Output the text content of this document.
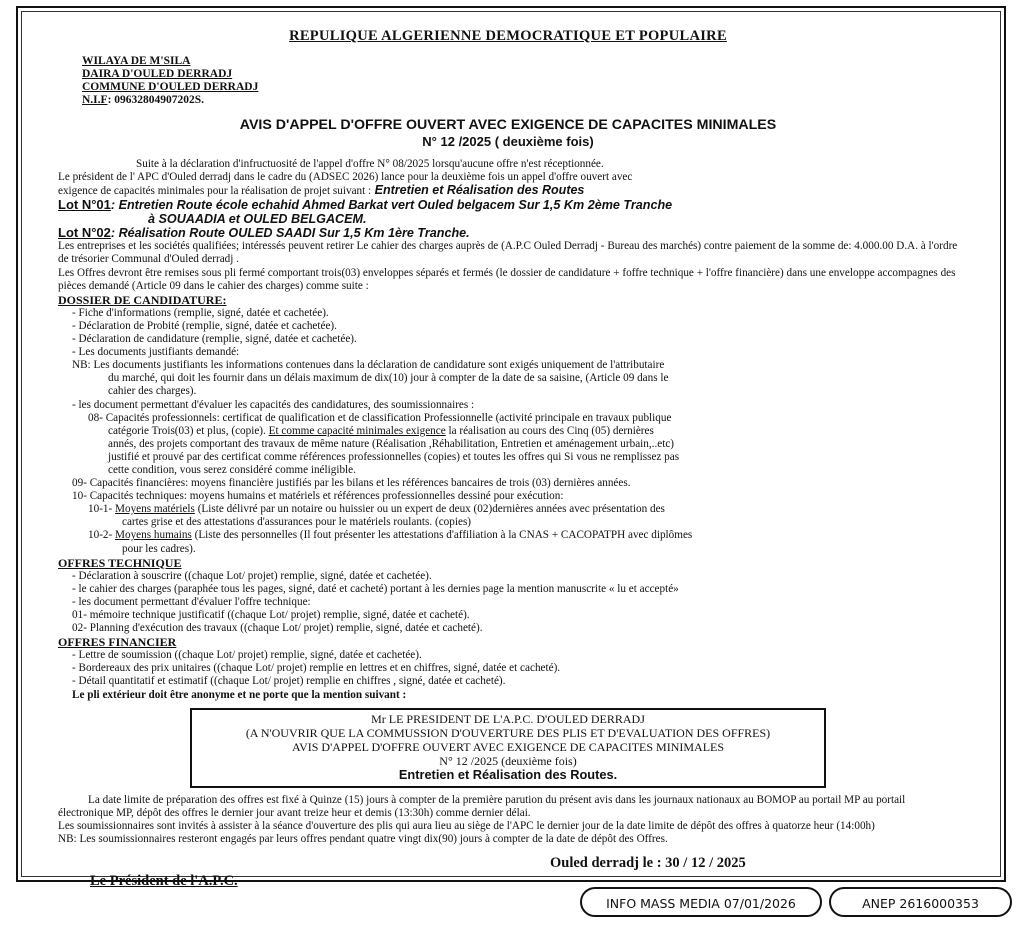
REPULIQUE ALGERIENNE DEMOCRATIQUE ET POPULAIRE

WILAYA DE M'SILA

DAIRA D'OULED DERRADJ

COMMUNE D'OULED DERRADJ

N.I.F: 09632804907202S.

AVIS D'APPEL D'OFFRE OUVERT AVEC EXIGENCE DE CAPACITES MINIMALES

N° 12 /2025 ( deuxième fois)

Suite à la déclaration d'infructuosité de l'appel d'offre N° 08/2025 lorsqu'aucune offre n'est réceptionnée.

Le président de l' APC d'Ouled derradj dans le cadre du (ADSEC 2026) lance pour la deuxième fois un appel d'offre ouvert avec

exigence de capacités minimales pour la réalisation de projet suivant : Entretien et Réalisation des Routes

Lot N°01: Entretien Route école echahid Ahmed Barkat vert Ouled belgacem Sur 1,5 Km 2ème Tranche

à SOUAADIA et OULED BELGACEM.

Lot N°02: Réalisation Route OULED SAADI Sur 1,5 Km 1ère Tranche.

Les entreprises et les sociétés qualifiées; intéressés peuvent retirer Le cahier des charges auprès de (A.P.C Ouled Derradj - Bureau des marchés) contre paiement de la somme de: 4.000.00 D.A. à l'ordre de trésorier Communal d'Ouled derradj .

Les Offres devront être remises sous pli fermé comportant trois(03) enveloppes séparés et fermés (le dossier de candidature + foffre technique + l'offre financière) dans une enveloppe accompagnes des pièces demandé (Article 09 dans le cahier des charges) comme suite :

DOSSIER DE CANDIDATURE:

- Fiche d'informations (remplie, signé, datée et cachetée).

- Déclaration de Probité (remplie, signé, datée et cachetée).

- Déclaration de candidature (remplie, signé, datée et cachetée).

- Les documents justifiants demandé:

NB: Les documents justifiants les informations contenues dans la déclaration de candidature sont exigés uniquement de l'attributaire

du marché, qui doit les fournir dans un délais maximum de dix(10) jour à compter de la date de sa saisine, (Article 09 dans le

cahier des charges).

- les document permettant d'évaluer les capacités des candidatures, des soumissionnaires :

08- Capacités professionnels: certificat de qualification et de classification Professionnelle (activité principale en travaux publique

catégorie Trois(03) et plus, (copie). Et comme capacité minimales exigence la réalisation au cours des Cinq (05) dernières

annés, des projets comportant des travaux de même nature (Réalisation ,Réhabilitation, Entretien et aménagement urbain,..etc)

justifié et prouvé par des certificat comme références professionnelles (copies) et toutes les offres qui Si vous ne remplissez pas

cette condition, vous serez considéré comme inéligible.

09- Capacités financières: moyens financière justifiés par les bilans et les références bancaires de trois (03) dernières années.

10- Capacités techniques: moyens humains et matériels et références professionnelles dessiné pour exécution:

10-1- Moyens matériels (Liste délivré par un notaire ou huissier ou un expert de deux (02)dernières années avec présentation des

cartes grise et des attestations d'assurances pour le matériels roulants. (copies)

10-2- Moyens humains (Liste des personnelles (Il fout présenter les attestations d'affiliation à la CNAS + CACOPATPH avec diplômes

pour les cadres).

OFFRES TECHNIQUE

- Déclaration à souscrire ((chaque Lot/ projet) remplie, signé, datée et cachetée).

- le cahier des charges (paraphée tous les pages, signé, daté et cacheté) portant à les dernies page la mention manuscrite « lu et accepté»

- les document permettant d'évaluer l'offre technique:

01- mémoire technique justificatif ((chaque Lot/ projet) remplie, signé, datée et cacheté).

02- Planning d'exécution des travaux ((chaque Lot/ projet) remplie, signé, datée et cacheté).

OFFRES FINANCIER

- Lettre de soumission ((chaque Lot/ projet) remplie, signé, datée et cachetée).

- Bordereaux des prix unitaires ((chaque Lot/ projet) remplie en lettres et en chiffres, signé, datée et cacheté).

- Détail quantitatif et estimatif ((chaque Lot/ projet) remplie en chiffres , signé, datée et cacheté).

Le pli extérieur doit être anonyme et ne porte que la mention suivant :

Mr LE PRESIDENT DE L'A.P.C. D'OULED DERRADJ

(A N'OUVRIR QUE LA COMMUSSION D'OUVERTURE DES PLIS ET D'EVALUATION DES OFFRES)

AVIS D'APPEL D'OFFRE OUVERT AVEC EXIGENCE DE CAPACITES MINIMALES

N° 12 /2025 (deuxième fois)

Entretien et Réalisation des Routes.

La date limite de préparation des offres est fixé à Quinze (15) jours à compter de la première parution du présent avis dans les journaux nationaux au BOMOP au portail MP au portail électronique MP, dépôt des offres le dernier jour avant treize heur et demis (13:30h) comme dernier délai.

Les soumissionnaires sont invités à assister à la séance d'ouverture des plis qui aura lieu au siège de l'APC le dernier jour de la date limite de dépôt des offres à quatorze heur (14:00h)

NB: Les soumissionnaires resteront engagés par leurs offres pendant quatre vingt dix(90) jours à compter de la date de dépôt des Offres.

Ouled derradj le : 30 / 12 / 2025

Le Président de l'A.P.C.

INFO MASS MEDIA 07/01/2026	ANEP 2616000353
